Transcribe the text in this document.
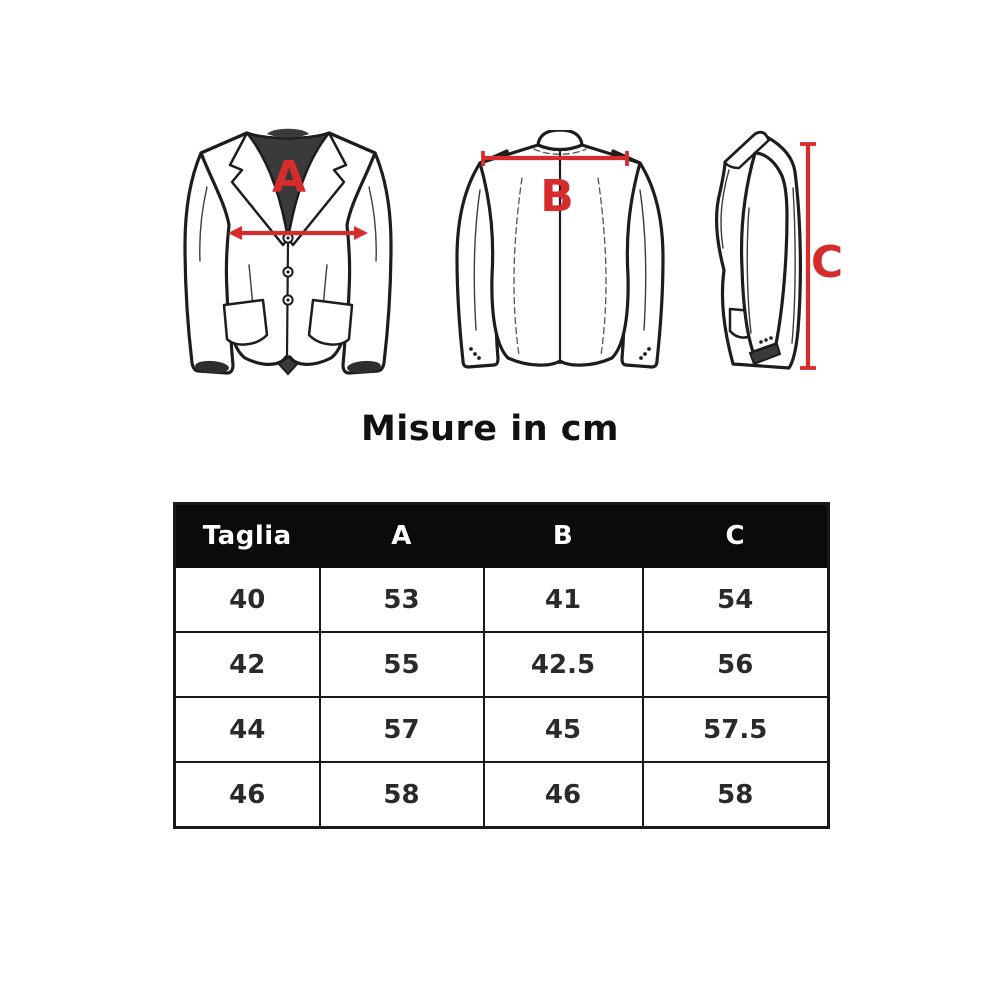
A	B
C
Misure in cm
Taglia	A	B	C
40	53	41	54
42	55	42.5	56
44	57	45	57.5
46	58	46	58
